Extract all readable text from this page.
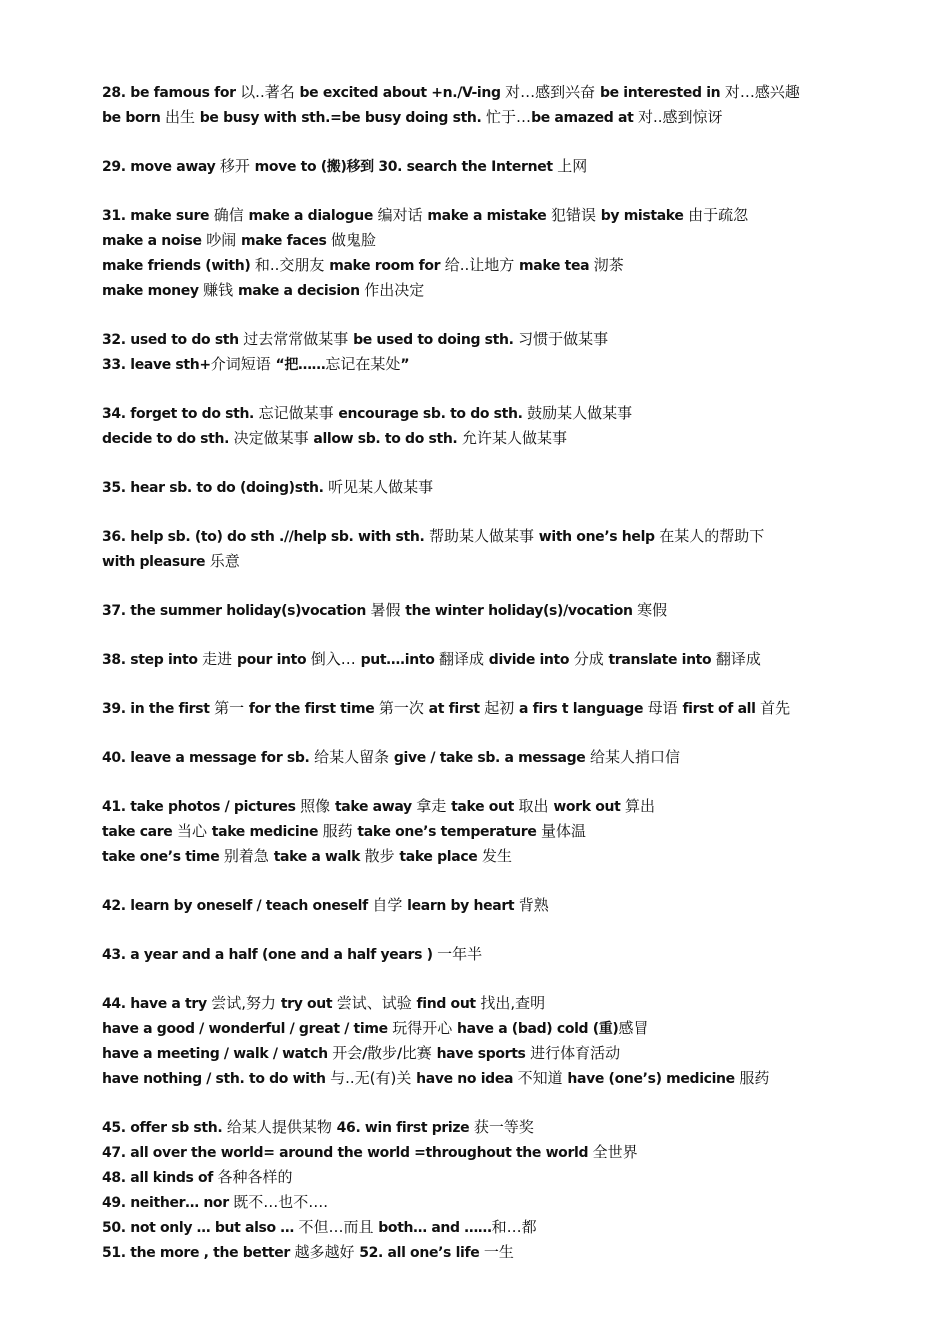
28. be famous for 以..著名 be excited about +n./V-ing 对…感到兴奋 be interested in 对…感兴趣
be born 出生 be busy with sth.=be busy doing sth. 忙于…be amazed at 对..感到惊讶
29. move away 移开 move to (搬)移到 30. search the Internet 上网
31. make sure 确信 make a dialogue 编对话 make a mistake 犯错误 by mistake 由于疏忽
make a noise 吵闹 make faces 做鬼脸
make friends (with) 和..交朋友 make room for 给..让地方 make tea 沏茶
make money 赚钱 make a decision 作出决定
32. used to do sth 过去常常做某事 be used to doing sth. 习惯于做某事
33. leave sth+介词短语 “把……忘记在某处”
34. forget to do sth. 忘记做某事 encourage sb. to do sth. 鼓励某人做某事
decide to do sth. 决定做某事 allow sb. to do sth. 允许某人做某事
35. hear sb. to do (doing)sth. 听见某人做某事
36. help sb. (to) do sth .//help sb. with sth. 帮助某人做某事 with one’s help 在某人的帮助下
with pleasure 乐意
37. the summer holiday(s)vocation 暑假 the winter holiday(s)/vocation 寒假
38. step into 走进 pour into 倒入… put….into 翻译成 divide into 分成 translate into 翻译成
39. in the first 第一 for the first time 第一次 at first 起初 a firs t language 母语 first of all 首先
40. leave a message for sb. 给某人留条 give / take sb. a message 给某人捎口信
41. take photos / pictures 照像 take away 拿走 take out 取出 work out 算出
take care 当心 take medicine 服药 take one’s temperature 量体温
take one’s time 别着急 take a walk 散步 take place 发生
42. learn by oneself / teach oneself 自学 learn by heart 背熟
43. a year and a half (one and a half years ) 一年半
44. have a try 尝试,努力 try out 尝试、试验 find out 找出,查明
have a good / wonderful / great / time 玩得开心 have a (bad) cold (重)感冒
have a meeting / walk / watch 开会/散步/比赛 have sports 进行体育活动
have nothing / sth. to do with 与..无(有)关 have no idea 不知道 have (one’s) medicine 服药
45. offer sb sth. 给某人提供某物 46. win first prize 获一等奖
47. all over the world= around the world =throughout the world 全世界
48. all kinds of 各种各样的
49. neither… nor 既不…也不….
50. not only … but also … 不但…而且 both… and ……和…都
51. the more , the better 越多越好 52. all one’s life 一生
